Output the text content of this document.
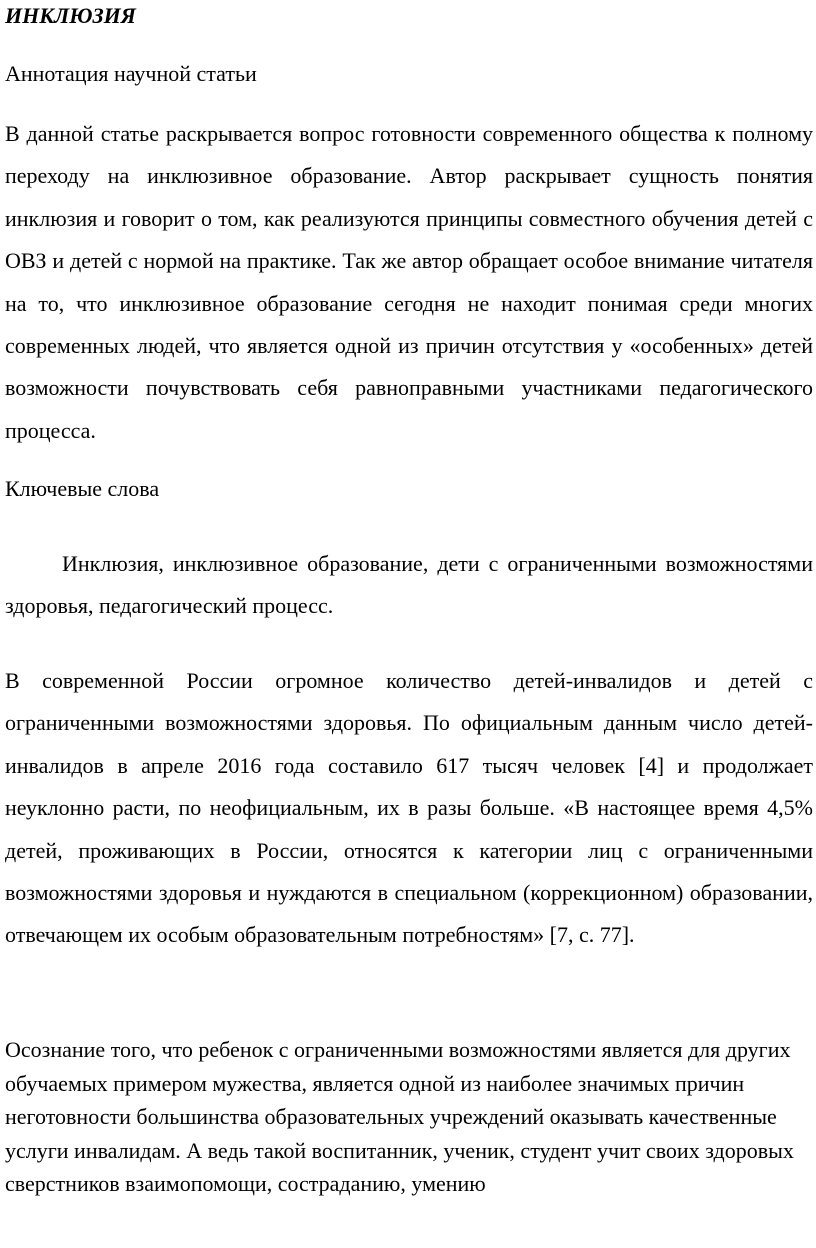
ИНКЛЮЗИЯ

Аннотация научной статьи

В данной статье раскрывается вопрос готовности современного общества к полному переходу на инклюзивное образование. Автор раскрывает сущность понятия инклюзия и говорит о том, как реализуются принципы совместного обучения детей с ОВЗ и детей с нормой на практике. Так же автор обращает особое внимание читателя на то, что инклюзивное образование сегодня не находит понимая среди многих современных людей, что является одной из причин отсутствия у «особенных» детей возможности почувствовать себя равноправными участниками педагогического процесса.

Ключевые слова

Инклюзия, инклюзивное образование, дети с ограниченными возможностями здоровья, педагогический процесс.

В современной России огромное количество детей-инвалидов и детей с ограниченными возможностями здоровья. По официальным данным число детей-инвалидов в апреле 2016 года составило 617 тысяч человек [4] и продолжает неуклонно расти, по неофициальным, их в разы больше. «В настоящее время 4,5% детей, проживающих в России, относятся к категории лиц с ограниченными возможностями здоровья и нуждаются в специальном (коррекционном) образовании, отвечающем их особым образовательным потребностям» [7, с. 77].

Осознание того, что ребенок с ограниченными возможностями является для других обучаемых примером мужества, является одной из наиболее значимых причин неготовности большинства образовательных учреждений оказывать качественные услуги инвалидам. А ведь такой воспитанник, ученик, студент учит своих здоровых сверстников взаимопомощи, состраданию, умению
